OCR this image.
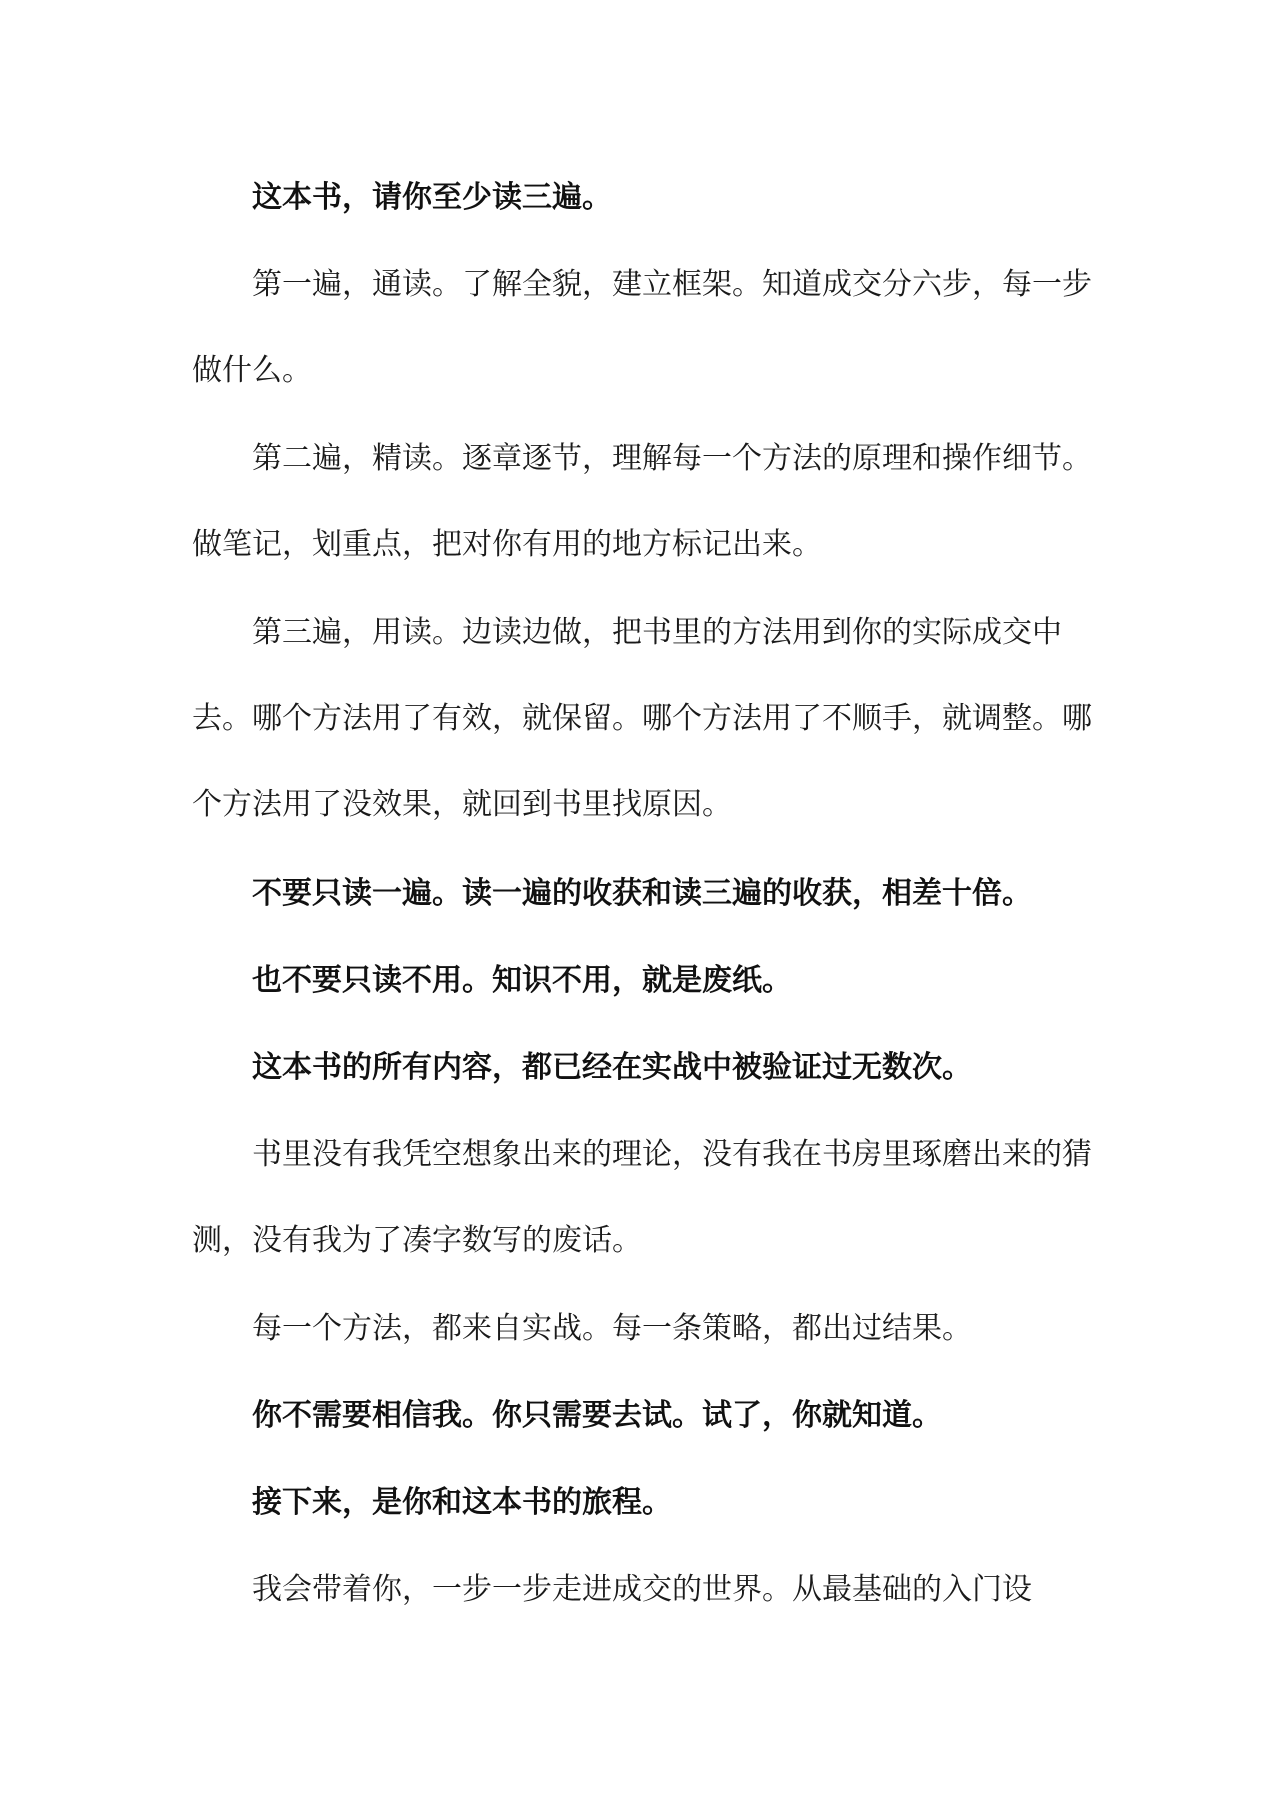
这本书，请你至少读三遍。

第一遍，通读。了解全貌，建立框架。知道成交分六步，每一步做什么。

第二遍，精读。逐章逐节，理解每一个方法的原理和操作细节。做笔记，划重点，把对你有用的地方标记出来。

第三遍，用读。边读边做，把书里的方法用到你的实际成交中去。哪个方法用了有效，就保留。哪个方法用了不顺手，就调整。哪个方法用了没效果，就回到书里找原因。

不要只读一遍。读一遍的收获和读三遍的收获，相差十倍。

也不要只读不用。知识不用，就是废纸。

这本书的所有内容，都已经在实战中被验证过无数次。

书里没有我凭空想象出来的理论，没有我在书房里琢磨出来的猜测，没有我为了凑字数写的废话。

每一个方法，都来自实战。每一条策略，都出过结果。

你不需要相信我。你只需要去试。试了，你就知道。

接下来，是你和这本书的旅程。

我会带着你，一步一步走进成交的世界。从最基础的入门设
